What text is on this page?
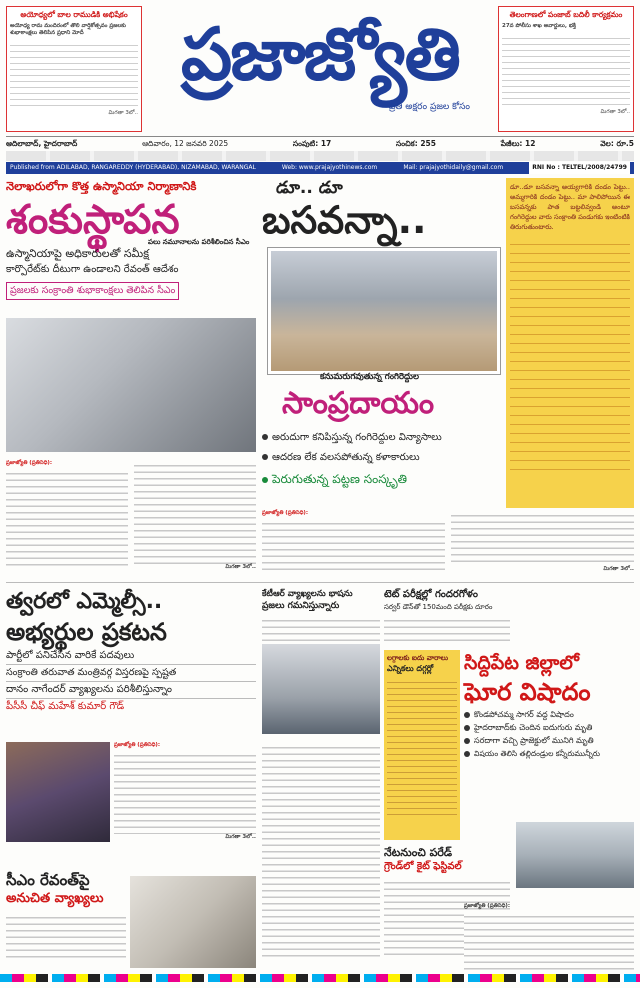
అయోధ్యలో బాల రాముడికి అభిషేకం
అయోధ్య రామ మందిరంలో తొలి వార్షికోత్సవం ప్రజలకు శుభాకాంక్షలు తెలిపిన ప్రధాని మోదీ
మిగతా 3లో..
ప్రజాజ్యోతి
ప్రతి అక్షరం ప్రజల కోసం
తెలంగాణలో పంజాబ్ బదిలీ కార్యక్రమం
27వ పోలీసు శాఖ అవార్డులు, భక్తి
మిగతా 3లో..
ఆదిలాబాద్, హైదరాబాద్	ఆదివారం, 12 జనవరి 2025	సంపుటి: 17	సంచిక: 255	పేజీలు: 12	వెల: రూ.5
Published from ADILABAD, RANGAREDDY (HYDERABAD), NIZAMABAD, WARANGAL	Web: www.prajajyothinews.com	Mail: prajajyothidaily@gmail.com	RNI No : TELTEL/2008/24799
నెలాఖరులోగా కొత్త ఉస్మానియా నిర్మాణానికి
శంకుస్థాపన
పలు నమూనాలను పరిశీలించిన సీఎం
ఉస్మానియాపై అధికారులతో సమీక్ష
కార్పొరేట్‌కు దీటుగా ఉండాలని రేవంత్ ఆదేశం
ప్రజలకు సంక్రాంతి శుభాకాంక్షలు తెలిపిన సీఎం
ప్రజాజ్యోతి (ప్రతినిధి):
మిగతా 3లో..
డూ.. డూ
బసవన్నా..
కనుమరుగవుతున్న గంగిరెద్దుల
సాంప్రదాయం
అరుదుగా కనిపిస్తున్న గంగిరెద్దుల విన్యాసాలు
ఆదరణ లేక వలసపోతున్న కళాకారులు
పెరుగుతున్న పట్టణ సంస్కృతి
డూ..డూ బసవన్నా అయ్యగారికి దండం పెట్టు.. అమ్మగారికి దండం పెట్టు.. మా పాలిపోయిన ఈ బసవన్నకు పాత బట్టలివ్వండి అంటూ గంగిరెద్దుల వారు సంక్రాంతి పండుగకు ఇంటింటికి తిరుగుతుంటారు.
ప్రజాజ్యోతి (ప్రతినిధి):
మిగతా 3లో..
త్వరలో ఎమ్మెల్సీ..
అభ్యర్థుల ప్రకటన
పార్టీలో పనిచేసిన వారికే పదవులు
సంక్రాంతి తరువాత మంత్రివర్గ విస్తరణపై స్పష్టత
దానం నాగేందర్ వ్యాఖ్యలను పరిశీలిస్తున్నాం
పీసీసీ చీఫ్ మహేశ్ కుమార్ గౌడ్
ప్రజాజ్యోతి (ప్రతినిధి):
మిగతా 3లో..
సీఎం రేవంత్‌పై
అనుచిత వ్యాఖ్యలు
కేటీఆర్ వ్యాఖ్యలను భాషను
ప్రజలు గమనిస్తున్నారు
టెట్ పరీక్షల్లో గందరగోళం
సర్వర్ డౌన్‌తో 150మంది పరీక్షకు దూరం
లగ్గాలకు ఐదు వారాలు
ఎన్నికలు దగ్గర్లో
నేటనుంచి పరేడ్
గ్రౌండ్‌లో కైట్ ఫెస్టివల్
సిద్దిపేట జిల్లాలో
ఘోర విషాదం
కొండపోచమ్మ సాగర్ వద్ద విషాదం
హైదరాబాద్‌కు చెందిన ఐదుగురు మృతి
సరదాగా వచ్చి ప్రాజెక్టులో మునిగి మృతి
విషయం తెలిసి తల్లిదండ్రుల కన్నీరుమున్నీరు
ప్రజాజ్యోతి (ప్రతినిధి):
